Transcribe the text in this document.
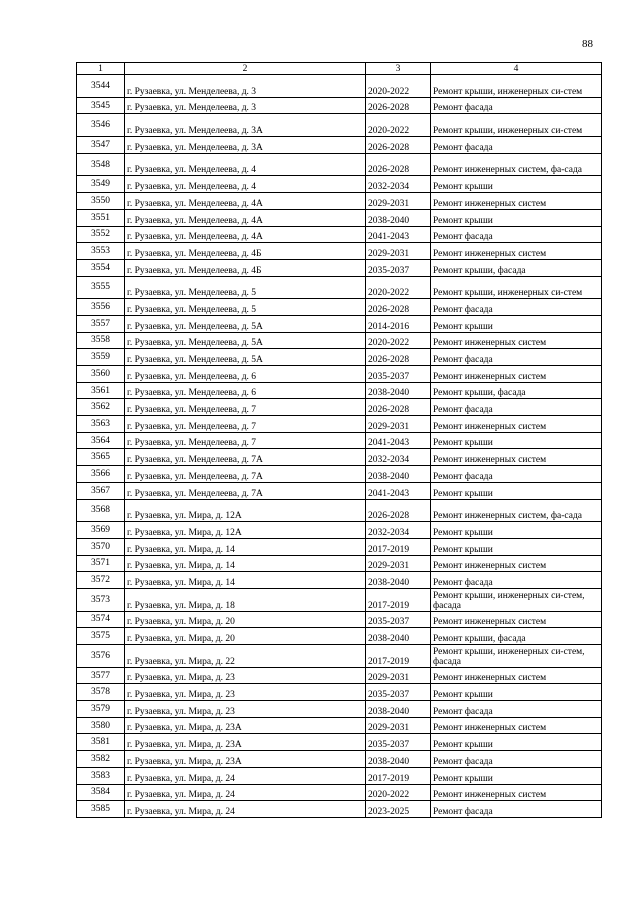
88
1	2	3	4
3544	г. Рузаевка, ул. Менделеева, д. 3	2020-2022	Ремонт крыши, инженерных си-стем
3545	г. Рузаевка, ул. Менделеева, д. 3	2026-2028	Ремонт фасада
3546	г. Рузаевка, ул. Менделеева, д. 3А	2020-2022	Ремонт крыши, инженерных си-стем
3547	г. Рузаевка, ул. Менделеева, д. 3А	2026-2028	Ремонт фасада
3548	г. Рузаевка, ул. Менделеева, д. 4	2026-2028	Ремонт инженерных систем, фа-сада
3549	г. Рузаевка, ул. Менделеева, д. 4	2032-2034	Ремонт крыши
3550	г. Рузаевка, ул. Менделеева, д. 4А	2029-2031	Ремонт инженерных систем
3551	г. Рузаевка, ул. Менделеева, д. 4А	2038-2040	Ремонт крыши
3552	г. Рузаевка, ул. Менделеева, д. 4А	2041-2043	Ремонт фасада
3553	г. Рузаевка, ул. Менделеева, д. 4Б	2029-2031	Ремонт инженерных систем
3554	г. Рузаевка, ул. Менделеева, д. 4Б	2035-2037	Ремонт крыши, фасада
3555	г. Рузаевка, ул. Менделеева, д. 5	2020-2022	Ремонт крыши, инженерных си-стем
3556	г. Рузаевка, ул. Менделеева, д. 5	2026-2028	Ремонт фасада
3557	г. Рузаевка, ул. Менделеева, д. 5А	2014-2016	Ремонт крыши
3558	г. Рузаевка, ул. Менделеева, д. 5А	2020-2022	Ремонт инженерных систем
3559	г. Рузаевка, ул. Менделеева, д. 5А	2026-2028	Ремонт фасада
3560	г. Рузаевка, ул. Менделеева, д. 6	2035-2037	Ремонт инженерных систем
3561	г. Рузаевка, ул. Менделеева, д. 6	2038-2040	Ремонт крыши, фасада
3562	г. Рузаевка, ул. Менделеева, д. 7	2026-2028	Ремонт фасада
3563	г. Рузаевка, ул. Менделеева, д. 7	2029-2031	Ремонт инженерных систем
3564	г. Рузаевка, ул. Менделеева, д. 7	2041-2043	Ремонт крыши
3565	г. Рузаевка, ул. Менделеева, д. 7А	2032-2034	Ремонт инженерных систем
3566	г. Рузаевка, ул. Менделеева, д. 7А	2038-2040	Ремонт фасада
3567	г. Рузаевка, ул. Менделеева, д. 7А	2041-2043	Ремонт крыши
3568	г. Рузаевка, ул. Мира, д. 12А	2026-2028	Ремонт инженерных систем, фа-сада
3569	г. Рузаевка, ул. Мира, д. 12А	2032-2034	Ремонт крыши
3570	г. Рузаевка, ул. Мира, д. 14	2017-2019	Ремонт крыши
3571	г. Рузаевка, ул. Мира, д. 14	2029-2031	Ремонт инженерных систем
3572	г. Рузаевка, ул. Мира, д. 14	2038-2040	Ремонт фасада
3573	г. Рузаевка, ул. Мира, д. 18	2017-2019	Ремонт крыши, инженерных си-стем, фасада
3574	г. Рузаевка, ул. Мира, д. 20	2035-2037	Ремонт инженерных систем
3575	г. Рузаевка, ул. Мира, д. 20	2038-2040	Ремонт крыши, фасада
3576	г. Рузаевка, ул. Мира, д. 22	2017-2019	Ремонт крыши, инженерных си-стем, фасада
3577	г. Рузаевка, ул. Мира, д. 23	2029-2031	Ремонт инженерных систем
3578	г. Рузаевка, ул. Мира, д. 23	2035-2037	Ремонт крыши
3579	г. Рузаевка, ул. Мира, д. 23	2038-2040	Ремонт фасада
3580	г. Рузаевка, ул. Мира, д. 23А	2029-2031	Ремонт инженерных систем
3581	г. Рузаевка, ул. Мира, д. 23А	2035-2037	Ремонт крыши
3582	г. Рузаевка, ул. Мира, д. 23А	2038-2040	Ремонт фасада
3583	г. Рузаевка, ул. Мира, д. 24	2017-2019	Ремонт крыши
3584	г. Рузаевка, ул. Мира, д. 24	2020-2022	Ремонт инженерных систем
3585	г. Рузаевка, ул. Мира, д. 24	2023-2025	Ремонт фасада
